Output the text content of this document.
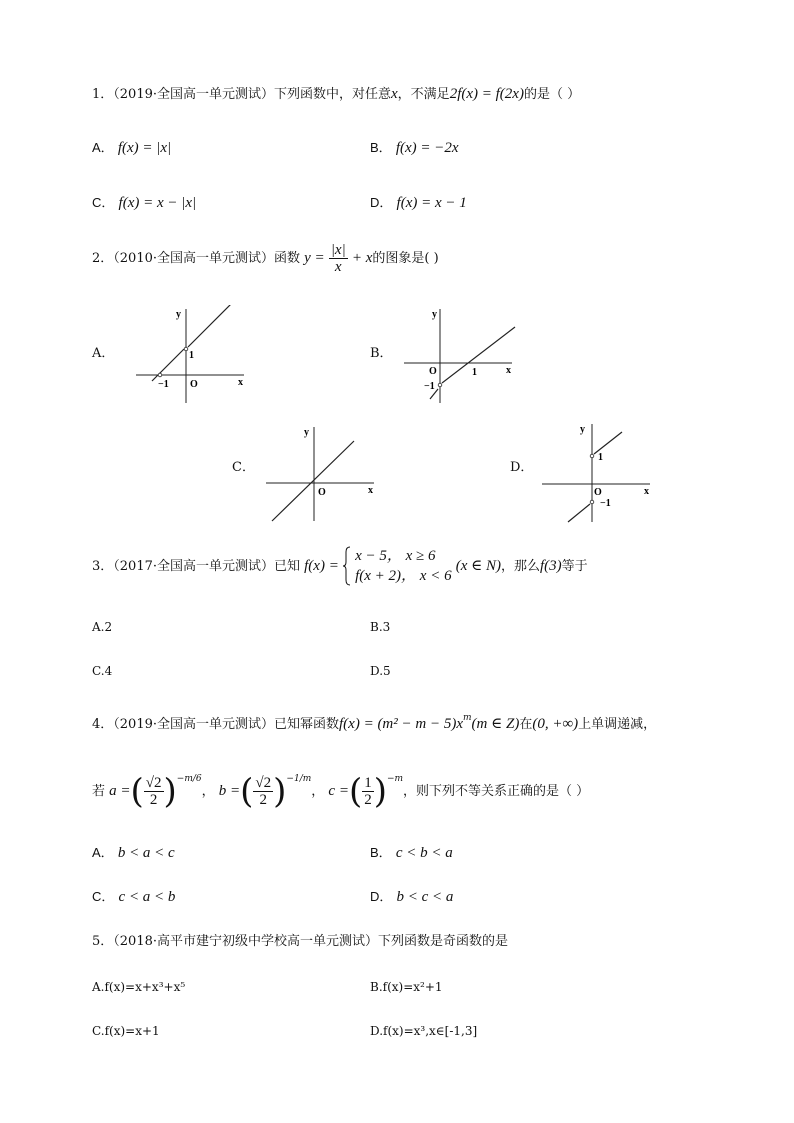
1．（2019·全国高一单元测试）下列函数中，对任意x，不满足2f(x) = f(2x)的是（ ）
A． f(x) = |x|	B． f(x) = −2x
C． f(x) = x − |x|	D． f(x) = x − 1
2．（2010·全国高一单元测试）函数 $y = \frac{|x|}{x} + x$的图象是( )
A．
y
x
O
1
−1
B．
y
x
O	1
−1
C．
y
x
O
D．
y
x
O
1
−1
3．（2017·全国高一单元测试）已知 f(x) =
x − 5， x ≥ 6
f(x + 2)， x < 6
(x ∈ N)，那么f(3)等于
A.2	B.3
C.4	D.5
4．（2019·全国高一单元测试）已知幂函数$f(x) = (m^2 - m - 5)x^m(m$ ∈ Z)在(0, +∞)上单调递减，
若 a =( $\frac{√2}{2} )^{-m/6}$， b =( $\frac{√2}{2} )^{-1/m}$， c =( $\frac{1}{2} )^{-m}$，则下列不等关系正确的是（ ）
A． b < a < c	B． c < b < a
C． c < a < b	D． b < c < a
5．（2018·高平市建宁初级中学校高一单元测试）下列函数是奇函数的是
A.f(x)=x+x³+x⁵	B.f(x)=x²+1
C.f(x)=x+1	D.f(x)=x³,x∈[-1,3]
